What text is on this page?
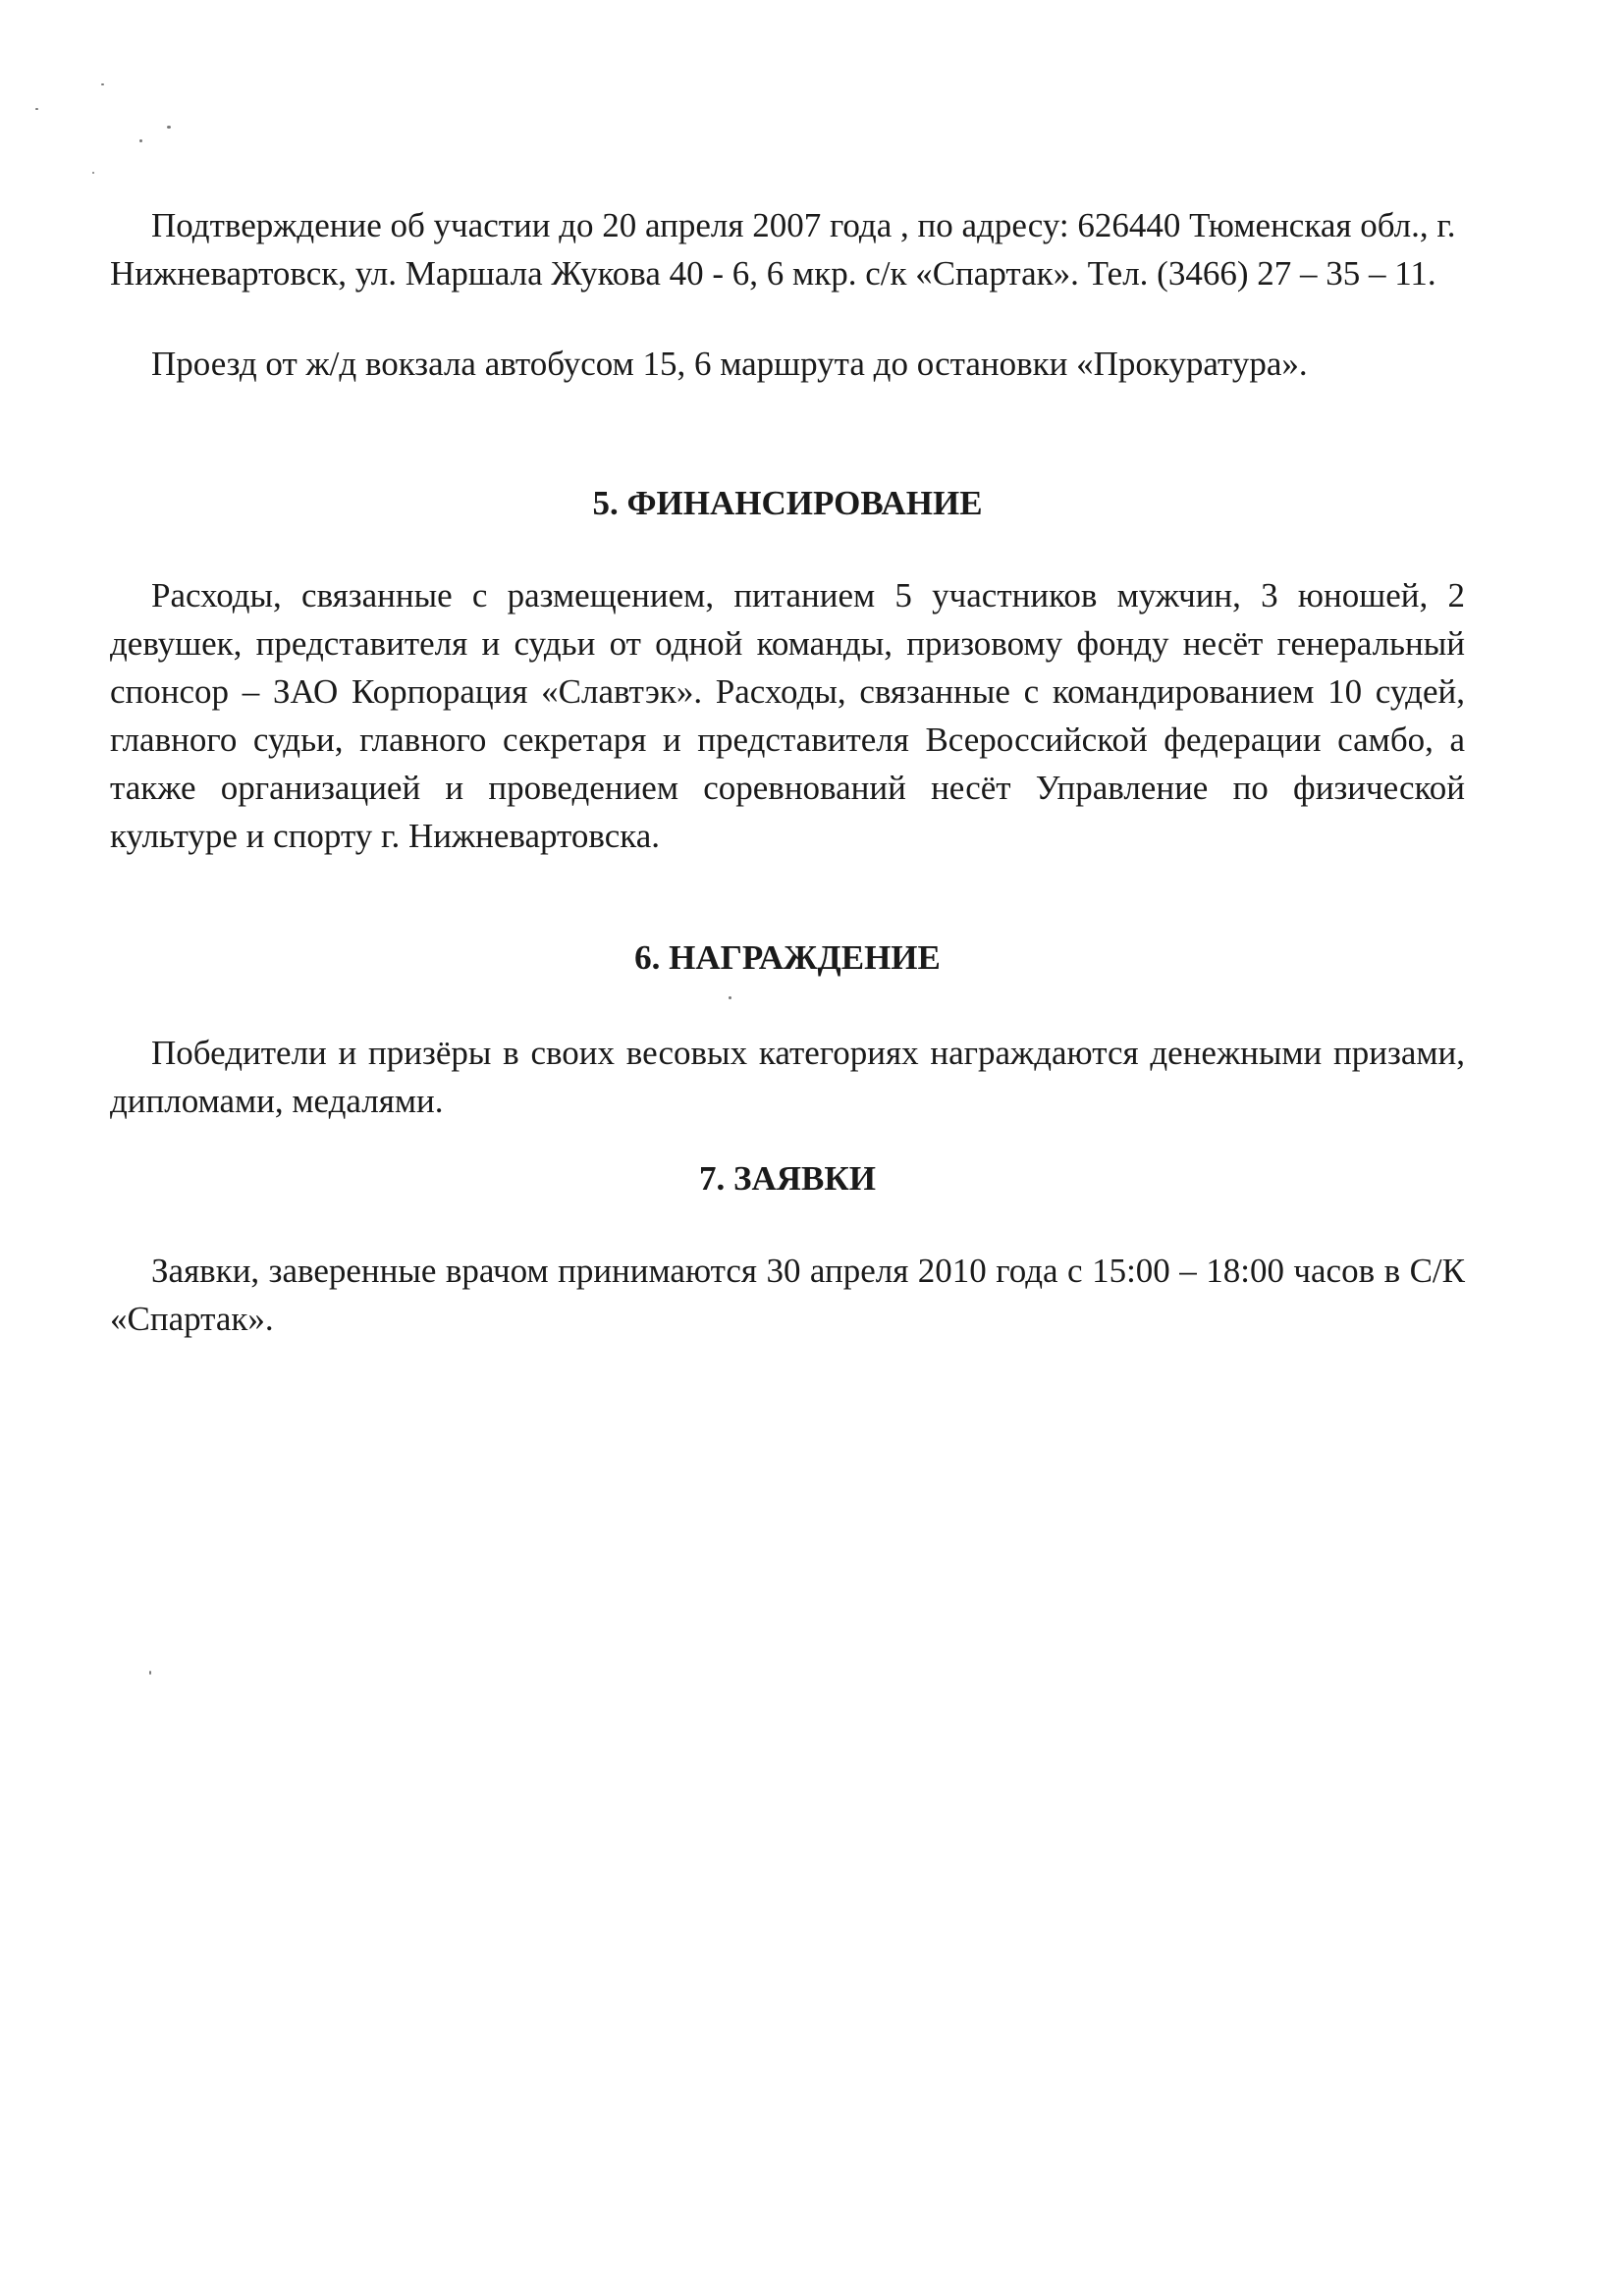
Подтверждение об участии до 20 апреля 2007 года , по адресу: 626440 Тюменская обл., г. Нижневартовск, ул. Маршала Жукова 40 - 6, 6 мкр. с/к «Спартак». Тел. (3466) 27 – 35 – 11.

Проезд от ж/д вокзала автобусом 15, 6 маршрута до остановки «Прокуратура».

5. ФИНАНСИРОВАНИЕ

Расходы, связанные с размещением, питанием 5 участников мужчин, 3 юношей, 2 девушек, представителя и судьи от одной команды, призовому фонду несёт генеральный спонсор – ЗАО Корпорация «Славтэк». Расходы, связанные с командированием 10 судей, главного судьи, главного секретаря и представителя Всероссийской федерации самбо, а также организацией и проведением соревнований несёт Управление по физической культуре и спорту г. Нижневартовска.

6. НАГРАЖДЕНИЕ

Победители и призёры в своих весовых категориях награждаются денежными призами, дипломами, медалями.

7. ЗАЯВКИ

Заявки, заверенные врачом принимаются 30 апреля 2010 года с 15:00 – 18:00 часов в С/К «Спартак».
